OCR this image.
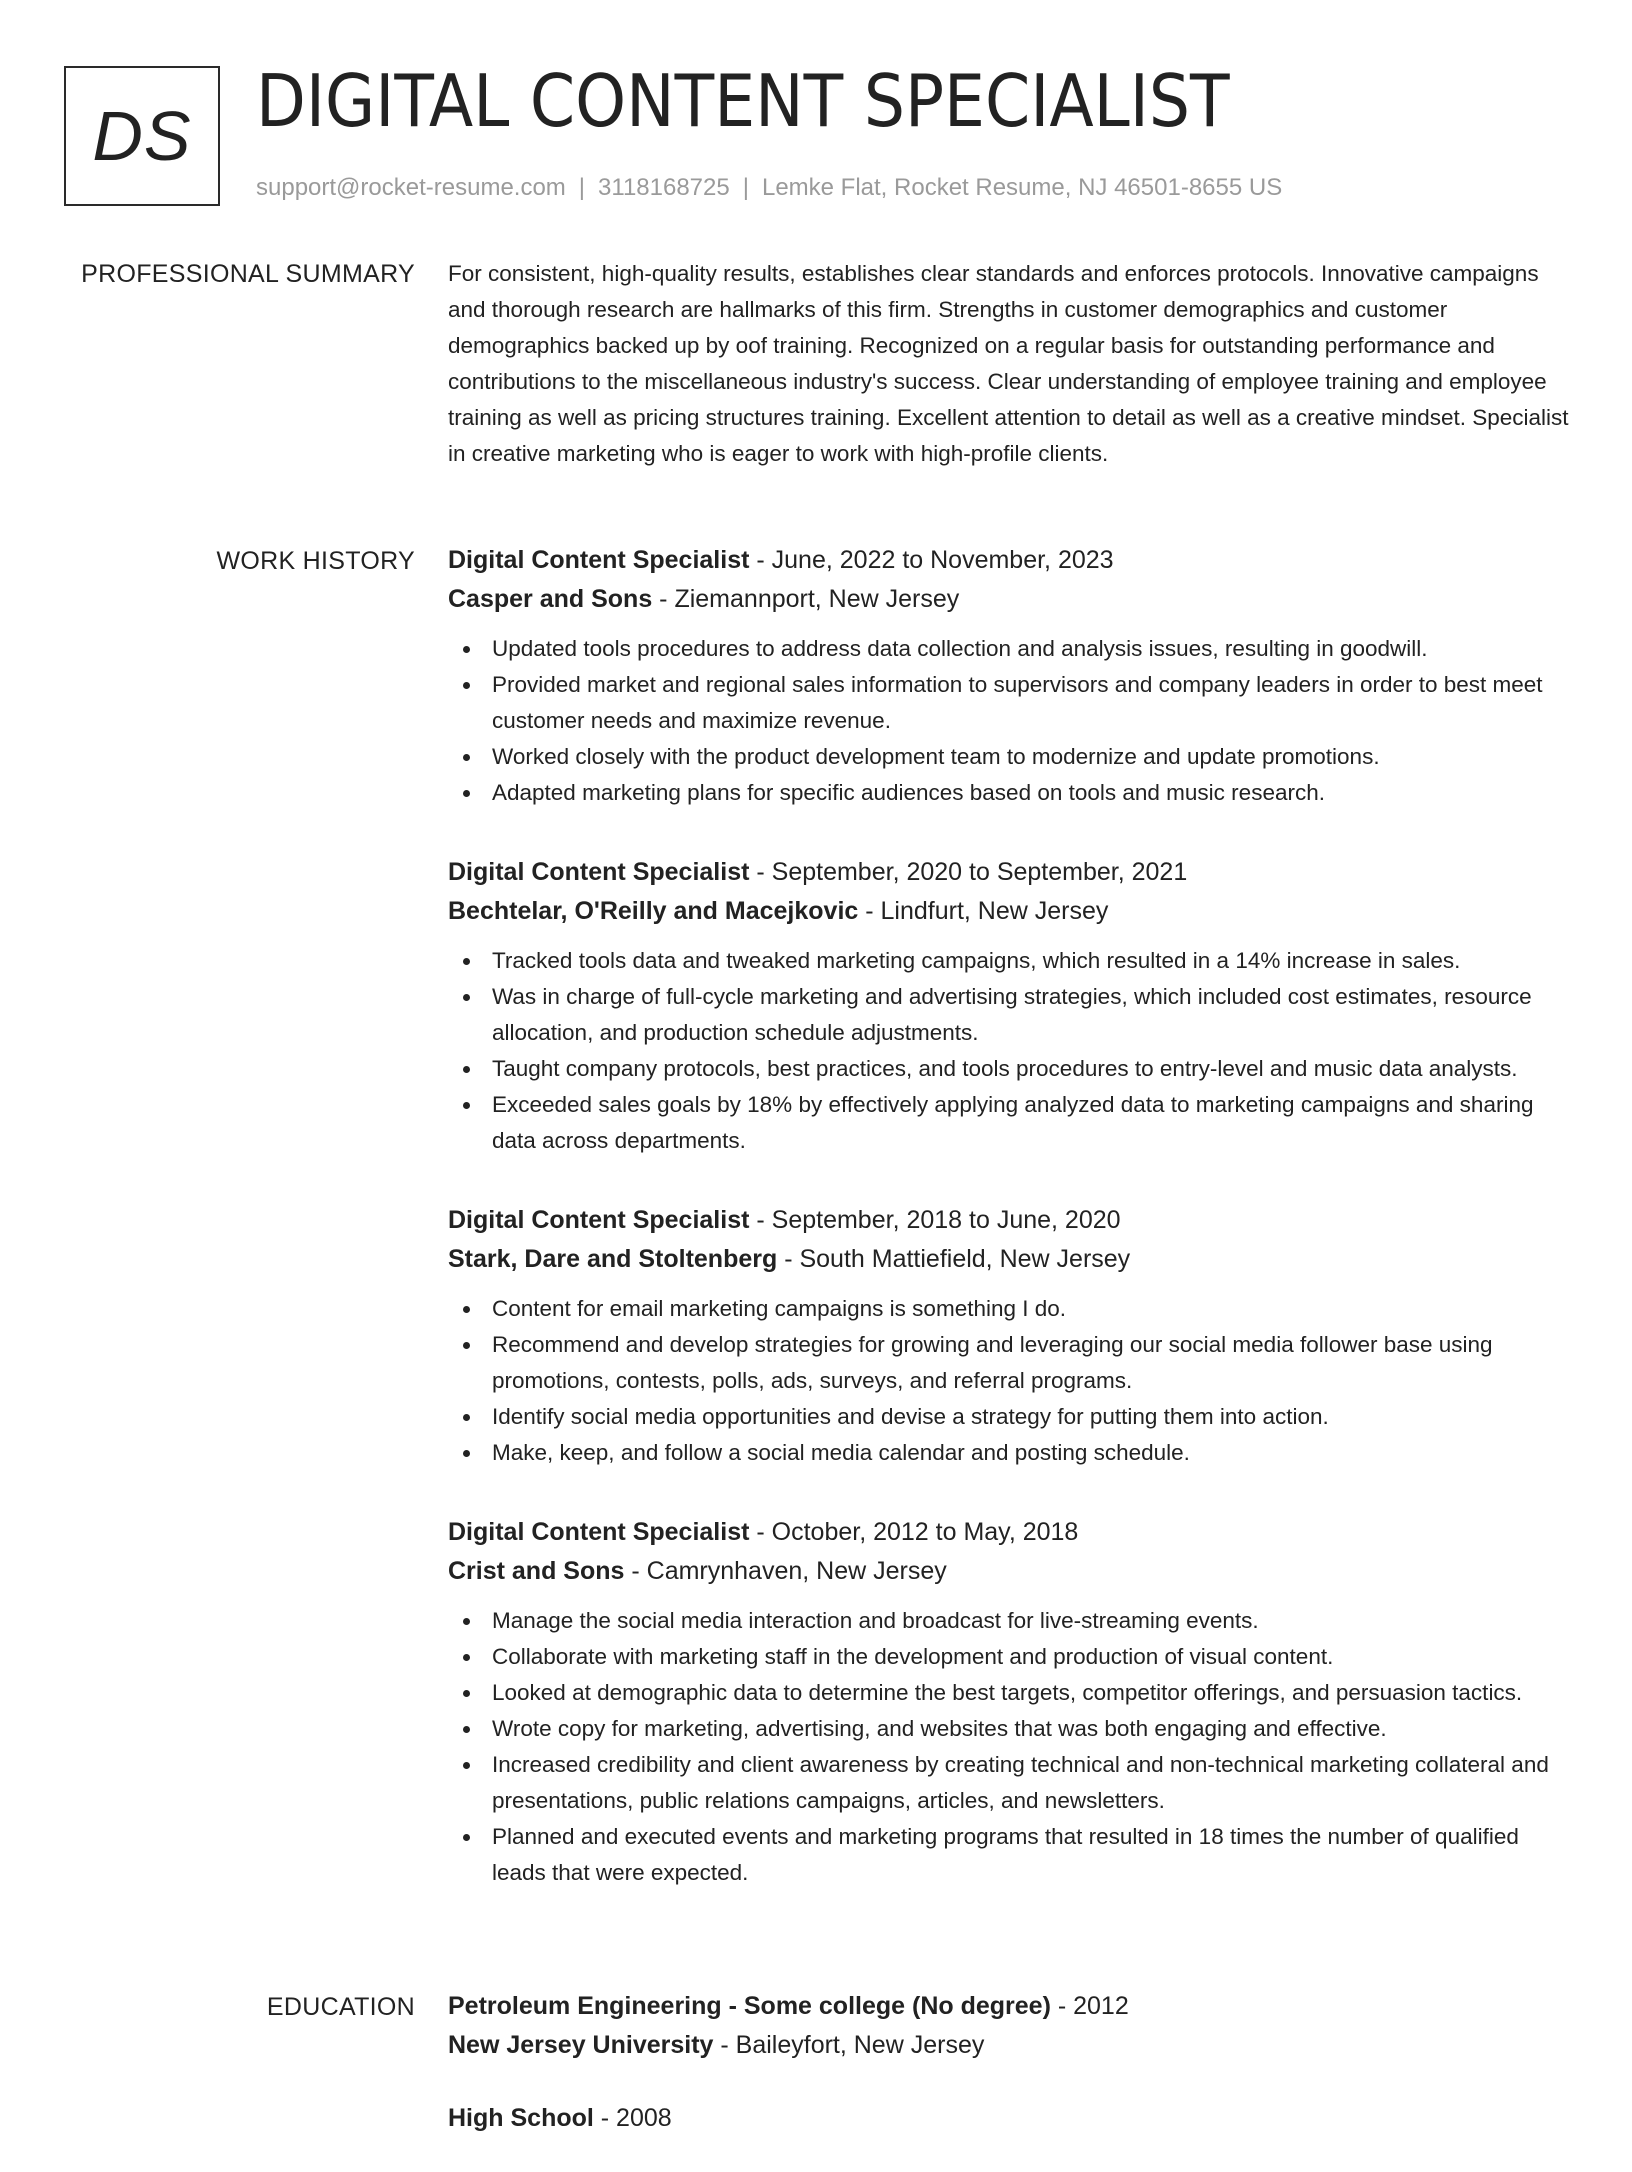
DS DIGITAL CONTENT SPECIALIST
support@rocket-resume.com | 3118168725 | Lemke Flat, Rocket Resume, NJ 46501-8655 US
PROFESSIONAL SUMMARY For consistent, high-quality results, establishes clear standards and enforces protocols. Innovative campaigns and thorough research are hallmarks of this firm. Strengths in customer demographics and customer demographics backed up by oof training. Recognized on a regular basis for outstanding performance and contributions to the miscellaneous industry's success. Clear understanding of employee training and employee training as well as pricing structures training. Excellent attention to detail as well as a creative mindset. Specialist in creative marketing who is eager to work with high-profile clients.

WORK HISTORY Digital Content Specialist - June, 2022 to November, 2023
Casper and Sons - Ziemannport, New Jersey
Updated tools procedures to address data collection and analysis issues, resulting in goodwill.
Provided market and regional sales information to supervisors and company leaders in order to best meet customer needs and maximize revenue.
Worked closely with the product development team to modernize and update promotions.
Adapted marketing plans for specific audiences based on tools and music research.
Digital Content Specialist - September, 2020 to September, 2021
Bechtelar, O'Reilly and Macejkovic - Lindfurt, New Jersey
Tracked tools data and tweaked marketing campaigns, which resulted in a 14% increase in sales.
Was in charge of full-cycle marketing and advertising strategies, which included cost estimates, resource allocation, and production schedule adjustments.
Taught company protocols, best practices, and tools procedures to entry-level and music data analysts.
Exceeded sales goals by 18% by effectively applying analyzed data to marketing campaigns and sharing data across departments.
Digital Content Specialist - September, 2018 to June, 2020
Stark, Dare and Stoltenberg - South Mattiefield, New Jersey
Content for email marketing campaigns is something I do.
Recommend and develop strategies for growing and leveraging our social media follower base using promotions, contests, polls, ads, surveys, and referral programs.
Identify social media opportunities and devise a strategy for putting them into action.
Make, keep, and follow a social media calendar and posting schedule.
Digital Content Specialist - October, 2012 to May, 2018
Crist and Sons - Camrynhaven, New Jersey
Manage the social media interaction and broadcast for live-streaming events.
Collaborate with marketing staff in the development and production of visual content.
Looked at demographic data to determine the best targets, competitor offerings, and persuasion tactics.
Wrote copy for marketing, advertising, and websites that was both engaging and effective.
Increased credibility and client awareness by creating technical and non-technical marketing collateral and presentations, public relations campaigns, articles, and newsletters.
Planned and executed events and marketing programs that resulted in 18 times the number of qualified leads that were expected.
EDUCATION Petroleum Engineering - Some college (No degree) - 2012
New Jersey University - Baileyfort, New Jersey
High School - 2008
